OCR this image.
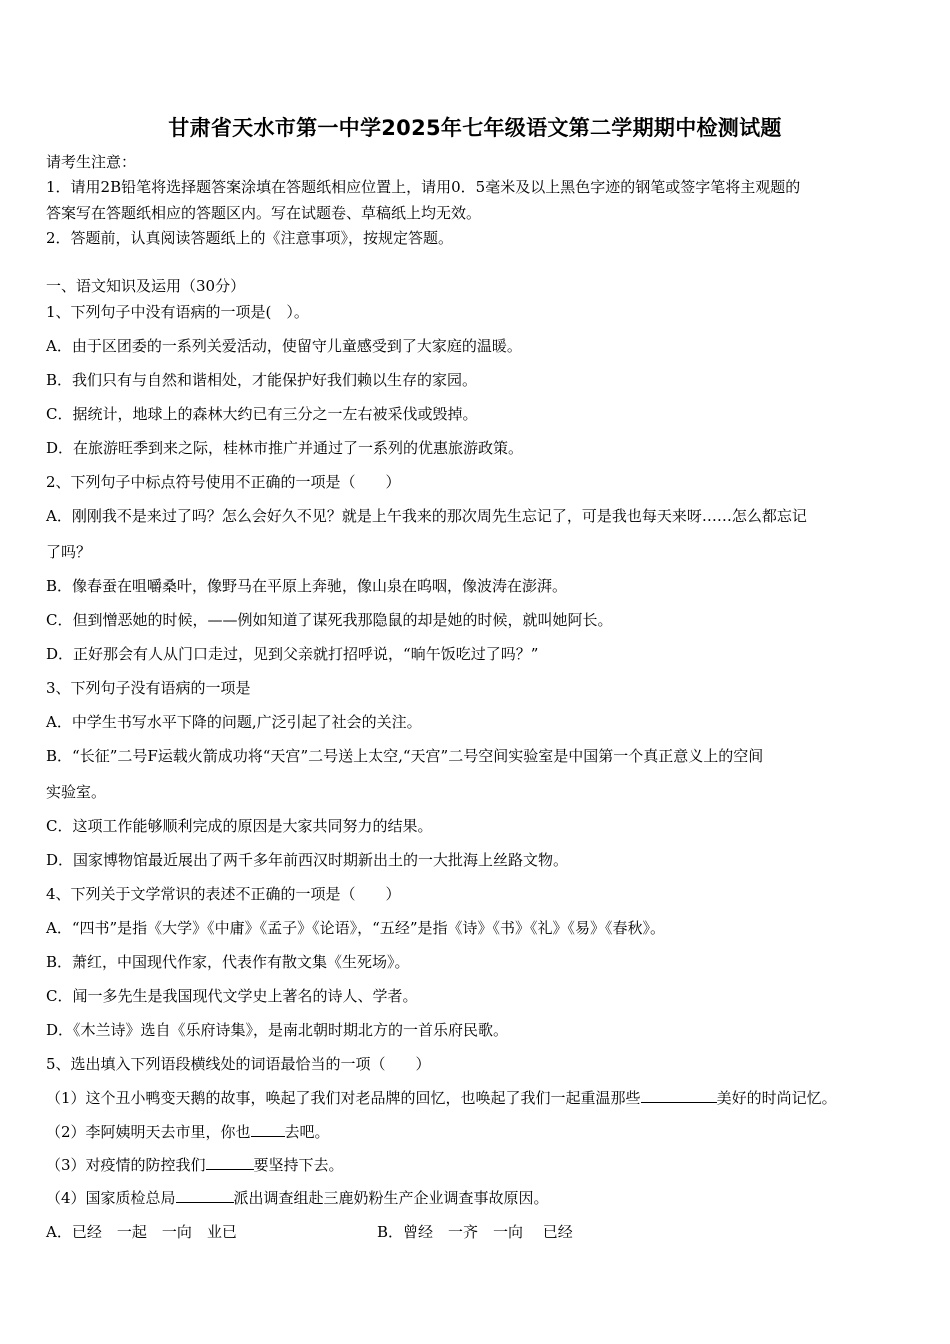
甘肃省天水市第一中学2025年七年级语文第二学期期中检测试题
请考生注意：
1．请用2B铅笔将选择题答案涂填在答题纸相应位置上，请用0．5毫米及以上黑色字迹的钢笔或签字笔将主观题的
答案写在答题纸相应的答题区内。写在试题卷、草稿纸上均无效。
2．答题前，认真阅读答题纸上的《注意事项》，按规定答题。
一、语文知识及运用（30分）
1、下列句子中没有语病的一项是(　）。
A．由于区团委的一系列关爱活动，使留守儿童感受到了大家庭的温暖。
B．我们只有与自然和谐相处，才能保护好我们赖以生存的家园。
C．据统计，地球上的森林大约已有三分之一左右被采伐或毁掉。
D．在旅游旺季到来之际，桂林市推广并通过了一系列的优惠旅游政策。
2、下列句子中标点符号使用不正确的一项是（　　）
A．刚刚我不是来过了吗？怎么会好久不见？就是上午我来的那次周先生忘记了，可是我也每天来呀……怎么都忘记
了吗？
B．像春蚕在咀嚼桑叶，像野马在平原上奔驰，像山泉在呜咽，像波涛在澎湃。
C．但到憎恶她的时候，——例如知道了谋死我那隐鼠的却是她的时候，就叫她阿长。
D．正好那会有人从门口走过，见到父亲就打招呼说，“晌午饭吃过了吗？”
3、下列句子没有语病的一项是
A．中学生书写水平下降的问题,广泛引起了社会的关注。
B．“长征”二号F运载火箭成功将“天宫”二号送上太空,“天宫”二号空间实验室是中国第一个真正意义上的空间
实验室。
C．这项工作能够顺利完成的原因是大家共同努力的结果。
D．国家博物馆最近展出了两千多年前西汉时期新出土的一大批海上丝路文物。
4、下列关于文学常识的表述不正确的一项是（　　）
A．“四书”是指《大学》《中庸》《孟子》《论语》，“五经”是指《诗》《书》《礼》《易》《春秋》。
B．萧红，中国现代作家，代表作有散文集《生死场》。
C．闻一多先生是我国现代文学史上著名的诗人、学者。
D．《木兰诗》选自《乐府诗集》，是南北朝时期北方的一首乐府民歌。
5、选出填入下列语段横线处的词语最恰当的一项（　　）
（1）这个丑小鸭变天鹅的故事，唤起了我们对老品牌的回忆，也唤起了我们一起重温那些	美好的时尚记忆。
（2）李阿姨明天去市里，你也 去吧。
（3）对疫情的防控我们	要坚持下去。
（4）国家质检总局	派出调查组赴三鹿奶粉生产企业调查事故原因。
A．已经　一起　一向　业已	B．曾经　一齐　一向　 已经
